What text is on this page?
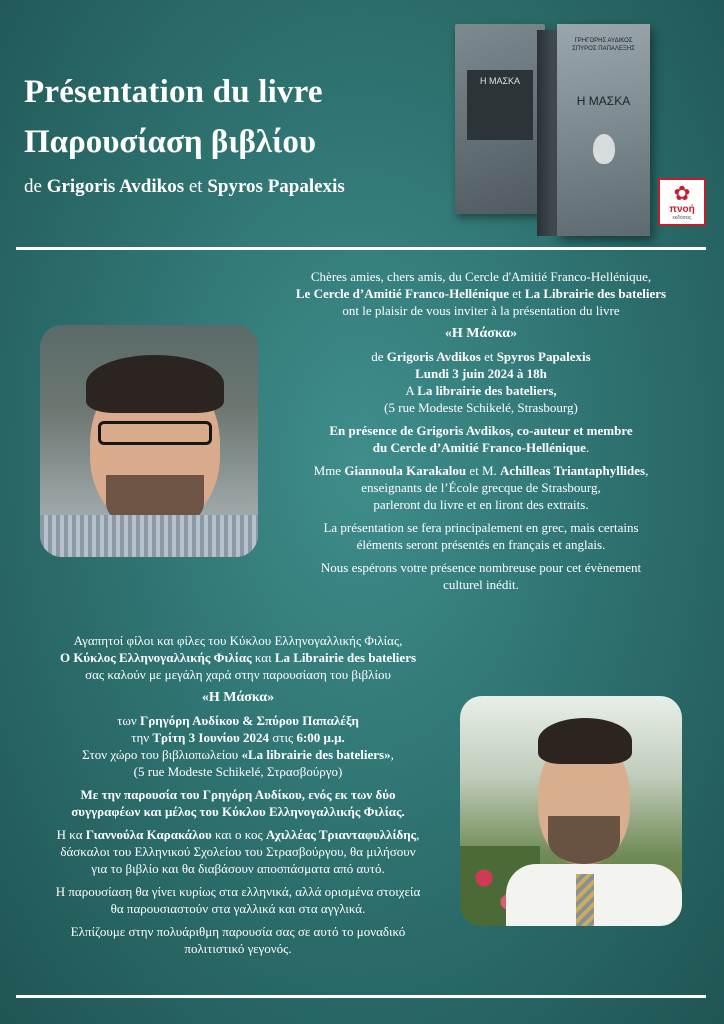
Présentation du livre
Παρουσίαση βιβλίου
de Grigoris Avdikos et Spyros Papalexis
Η ΜΑΣΚΑ
ΓΡΗΓΟΡΗΣ ΑΥΔΙΚΟΣ
ΣΠΥΡΟΣ ΠΑΠΑΛΕΞΗΣ
Η ΜΑΣΚΑ
✿
πνοή
εκδόσεις

Chères amies, chers amis, du Cercle d'Amitié Franco-Hellénique,
Le Cercle d’Amitié Franco-Hellénique et La Librairie des bateliers
ont le plaisir de vous inviter à la présentation du livre

«Η Μάσκα»

de Grigoris Avdikos et Spyros Papalexis
Lundi 3 juin 2024 à 18h
A La librairie des bateliers,
(5 rue Modeste Schikelé, Strasbourg)

En présence de Grigoris Avdikos, co-auteur et membre
du Cercle d’Amitié Franco-Hellénique.

Mme Giannoula Karakalou et M. Achilleas Triantaphyllides,
enseignants de l’École grecque de Strasbourg,
parleront du livre et en liront des extraits.

La présentation se fera principalement en grec, mais certains
éléments seront présentés en français et anglais.

Nous espérons votre présence nombreuse pour cet évènement
culturel inédit.

Αγαπητοί φίλοι και φίλες του Κύκλου Ελληνογαλλικής Φιλίας,
Ο Κύκλος Ελληνογαλλικής Φιλίας και La Librairie des bateliers
σας καλούν με μεγάλη χαρά στην παρουσίαση του βιβλίου

«Η Μάσκα»

των Γρηγόρη Αυδίκου & Σπύρου Παπαλέξη
την Τρίτη 3 Ιουνίου 2024 στις 6:00 μ.μ.
Στον χώρο του βιβλιοπωλείου «La librairie des bateliers»,
(5 rue Modeste Schikelé, Στρασβούργο)

Με την παρουσία του Γρηγόρη Αυδίκου, ενός εκ των δύο
συγγραφέων και μέλος του Κύκλου Ελληνογαλλικής Φιλίας.

Η κα Γιαννούλα Καρακάλου και ο κος Αχιλλέας Τριανταφυλλίδης,
δάσκαλοι του Ελληνικού Σχολείου του Στρασβούργου, θα μιλήσουν
για το βιβλίο και θα διαβάσουν αποσπάσματα από αυτό.

Η παρουσίαση θα γίνει κυρίως στα ελληνικά, αλλά ορισμένα στοιχεία
θα παρουσιαστούν στα γαλλικά και στα αγγλικά.

Ελπίζουμε στην πολυάριθμη παρουσία σας σε αυτό το μοναδικό
πολιτιστικό γεγονός.
